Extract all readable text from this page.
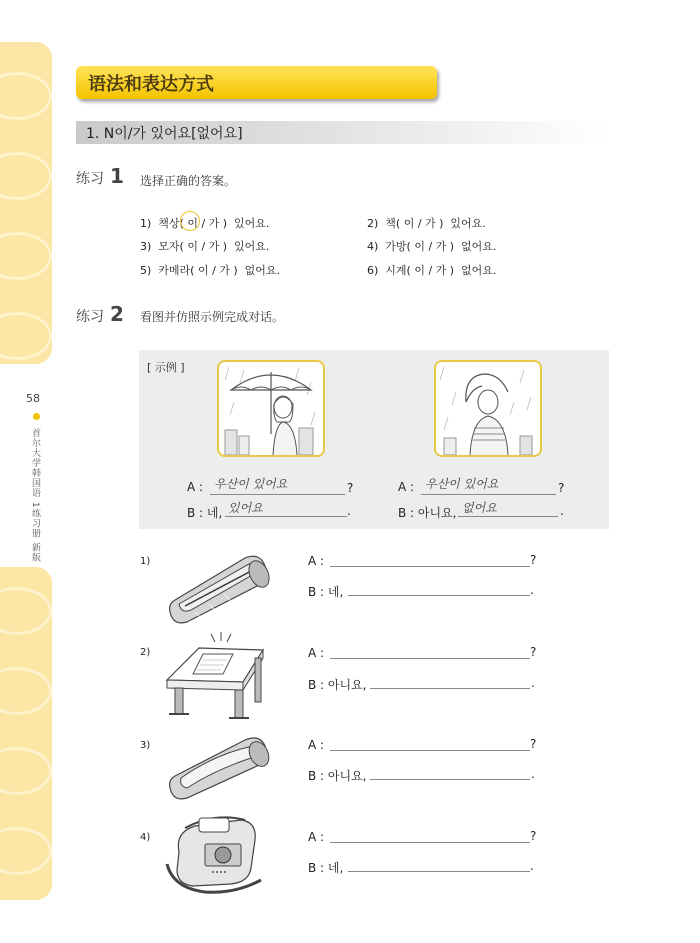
58
首尔大学韩国语 1练习册 新版
语法和表达方式
1. N이/가 있어요[없어요]
练习 1 选择正确的答案。
1)  책상( 이 / 가 )  있어요.	2)  책( 이 / 가 )  있어요.
3)  모자( 이 / 가 )  있어요.	4)  가방( 이 / 가 )  없어요.
5)  카메라( 이 / 가 )  없어요.	6)  시계( 이 / 가 )  없어요.
练习 2 看图并仿照示例完成对话。
[ 示例 ]
A : 우산이 있어요	?
B : 네, 있어요	.
A : 우산이 있어요	?
B : 아니요, 없어요	.
1)	A :	?
B : 네,	.
2)	A :	?
B : 아니요,	.
3)	A :	?
B : 아니요,	.
4)	A :	?
B : 네,	.
